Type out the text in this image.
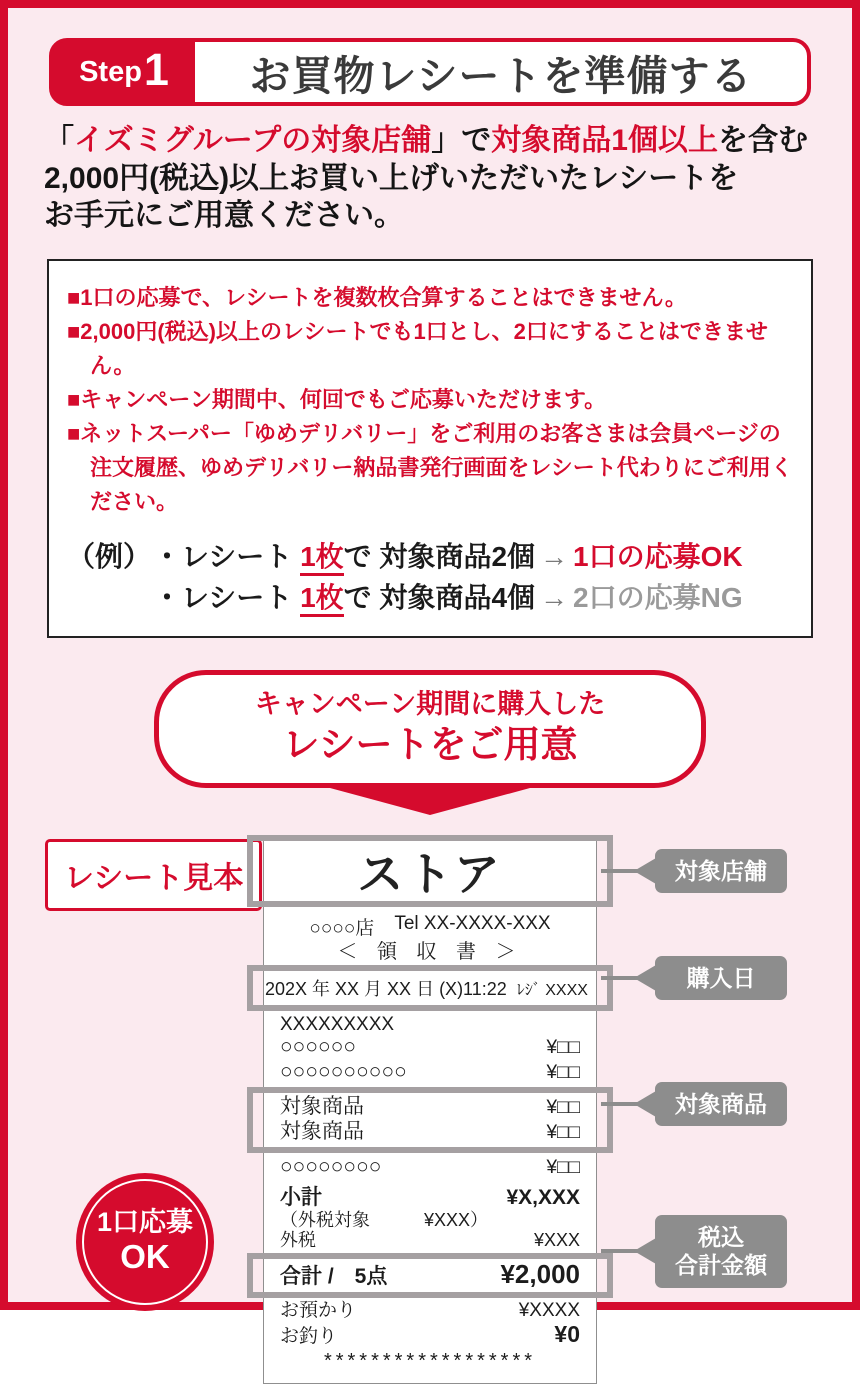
Step 1	お買物レシートを準備する

「イズミグループの対象店舗」で対象商品1個以上を含む
2,000円(税込)以上お買い上げいただいたレシートを
お手元にご用意ください。

■1口の応募で、レシートを複数枚合算することはできません。
■2,000円(税込)以上のレシートでも1口とし、2口にすることはできません。
■キャンペーン期間中、何回でもご応募いただけます。
■ネットスーパー「ゆめデリバリー」をご利用のお客さまは会員ページの注文履歴、ゆめデリバリー納品書発行画面をレシート代わりにご利用ください。
（例） ・レシート 1枚で 対象商品2個 → 1口の応募OK
・レシート 1枚で 対象商品4個 → 2口の応募NG
キャンペーン期間に購入した
レシートをご用意
レシート見本	ストア
○○○○店 Tel XX-XXXX-XXX
＜ 領 収 書 ＞
202X 年 XX 月 XX 日 (X)11:22 ﾚｼﾞ XXXX
XXXXXXXXX
○○○○○○	¥□□
○○○○○○○○○○	¥□□
対象商品	¥□□
対象商品	¥□□
○○○○○○○○	¥□□
小計	¥X,XXX
（外税対象　　　¥XXX）
外税	¥XXX
合計 /　5点	¥2,000
お預かり	¥XXXX
お釣り	¥0
******************
対象店舗
購入日
対象商品
税込
合計金額
1口応募
OK
